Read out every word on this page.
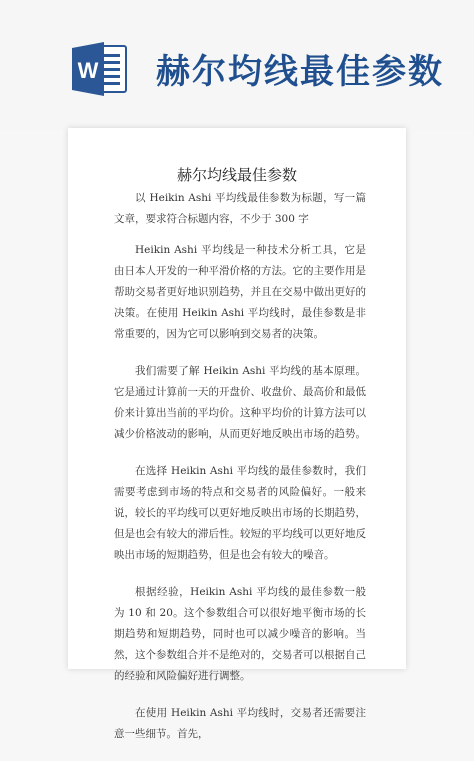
W 赫尔均线最佳参数
赫尔均线最佳参数

以 Heikin Ashi 平均线最佳参数为标题，写一篇文章，要求符合标题内容，不少于 300 字

Heikin Ashi 平均线是一种技术分析工具，它是由日本人开发的一种平滑价格的方法。它的主要作用是帮助交易者更好地识别趋势，并且在交易中做出更好的决策。在使用 Heikin Ashi 平均线时，最佳参数是非常重要的，因为它可以影响到交易者的决策。

我们需要了解 Heikin Ashi 平均线的基本原理。它是通过计算前一天的开盘价、收盘价、最高价和最低价来计算出当前的平均价。这种平均价的计算方法可以减少价格波动的影响，从而更好地反映出市场的趋势。

在选择 Heikin Ashi 平均线的最佳参数时，我们需要考虑到市场的特点和交易者的风险偏好。一般来说，较长的平均线可以更好地反映出市场的长期趋势，但是也会有较大的滞后性。较短的平均线可以更好地反映出市场的短期趋势，但是也会有较大的噪音。

根据经验，Heikin Ashi 平均线的最佳参数一般为 10 和 20。这个参数组合可以很好地平衡市场的长期趋势和短期趋势，同时也可以减少噪音的影响。当然，这个参数组合并不是绝对的，交易者可以根据自己的经验和风险偏好进行调整。

在使用 Heikin Ashi 平均线时，交易者还需要注意一些细节。首先，
